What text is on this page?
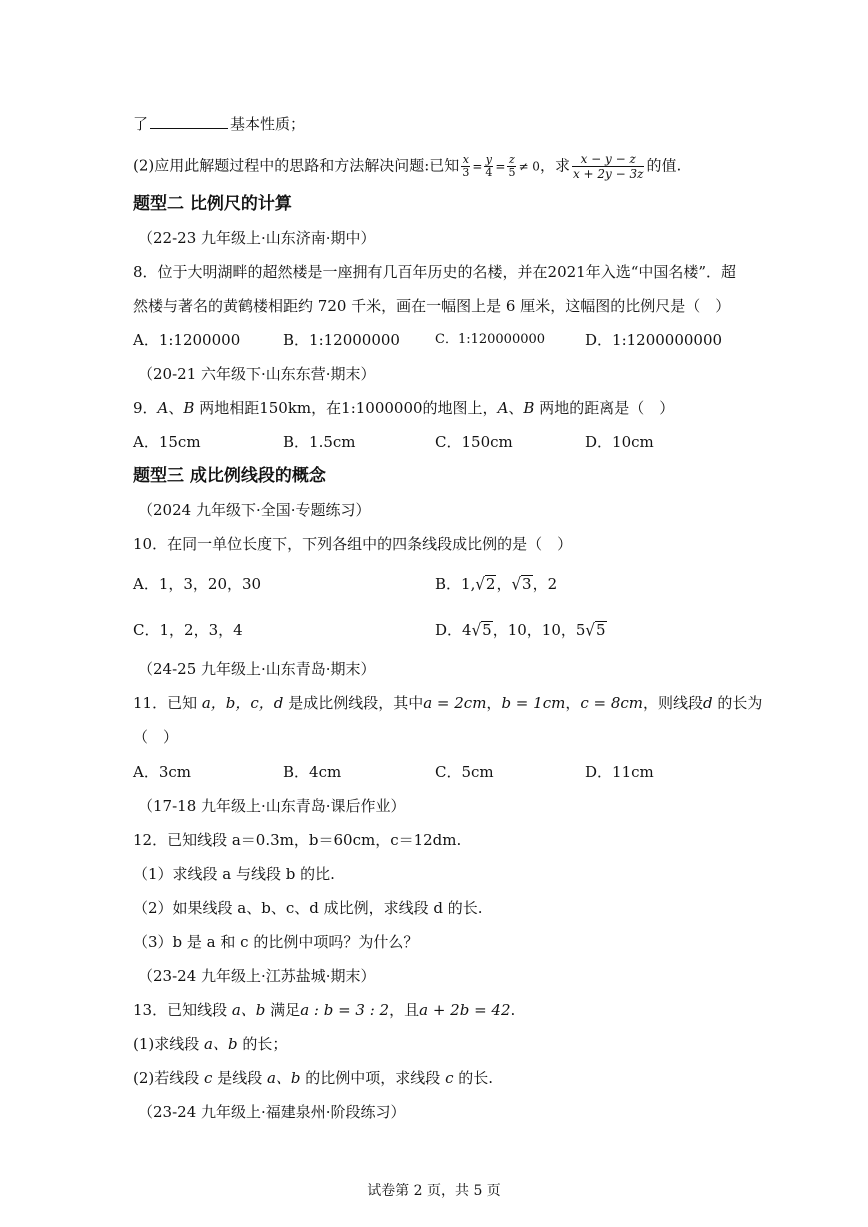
了	基本性质；
(2)应用此解题过程中的思路和方法解决问题:已知 $\frac{x}{3} = \frac{y}{4} = \frac{z}{5} \ne 0$，求 $\frac{x - y - z}{x + 2y - 3z}$ 的值.
题型二 比例尺的计算
（22-23 九年级上·山东济南·期中）
8．位于大明湖畔的超然楼是一座拥有几百年历史的名楼，并在2021年入选“中国名楼”．超
然楼与著名的黄鹤楼相距约 720 千米，画在一幅图上是 6 厘米，这幅图的比例尺是（　）
A．1:1200000	B．1:12000000	C．1:120000000	D．1:1200000000
（20-21 六年级下·山东东营·期末）
9．A、B 两地相距150km，在1:1000000的地图上，A、B 两地的距离是（　）
A．15cm	B．1.5cm	C．150cm	D．10cm
题型三 成比例线段的概念
（2024 九年级下·全国·专题练习）
10．在同一单位长度下，下列各组中的四条线段成比例的是（　）
A．1，3，20，30	B．1,√2，√3，2
C．1，2，3，4	D．4√5，10，10，5√5
（24-25 九年级上·山东青岛·期末）
11．已知 a，b，c，d 是成比例线段，其中a = 2cm，b = 1cm，c = 8cm，则线段d 的长为
（　）
A．3cm	B．4cm	C．5cm	D．11cm
（17-18 九年级上·山东青岛·课后作业）
12．已知线段 a＝0.3m，b＝60cm，c＝12dm.
（1）求线段 a 与线段 b 的比.
（2）如果线段 a、b、c、d 成比例，求线段 d 的长.
（3）b 是 a 和 c 的比例中项吗？为什么？
（23-24 九年级上·江苏盐城·期末）
13．已知线段 a、b 满足a : b = 3 : 2，且a + 2b = 42.
(1)求线段 a、b 的长；
(2)若线段 c 是线段 a、b 的比例中项，求线段 c 的长.
（23-24 九年级上·福建泉州·阶段练习）
试卷第 2 页，共 5 页
